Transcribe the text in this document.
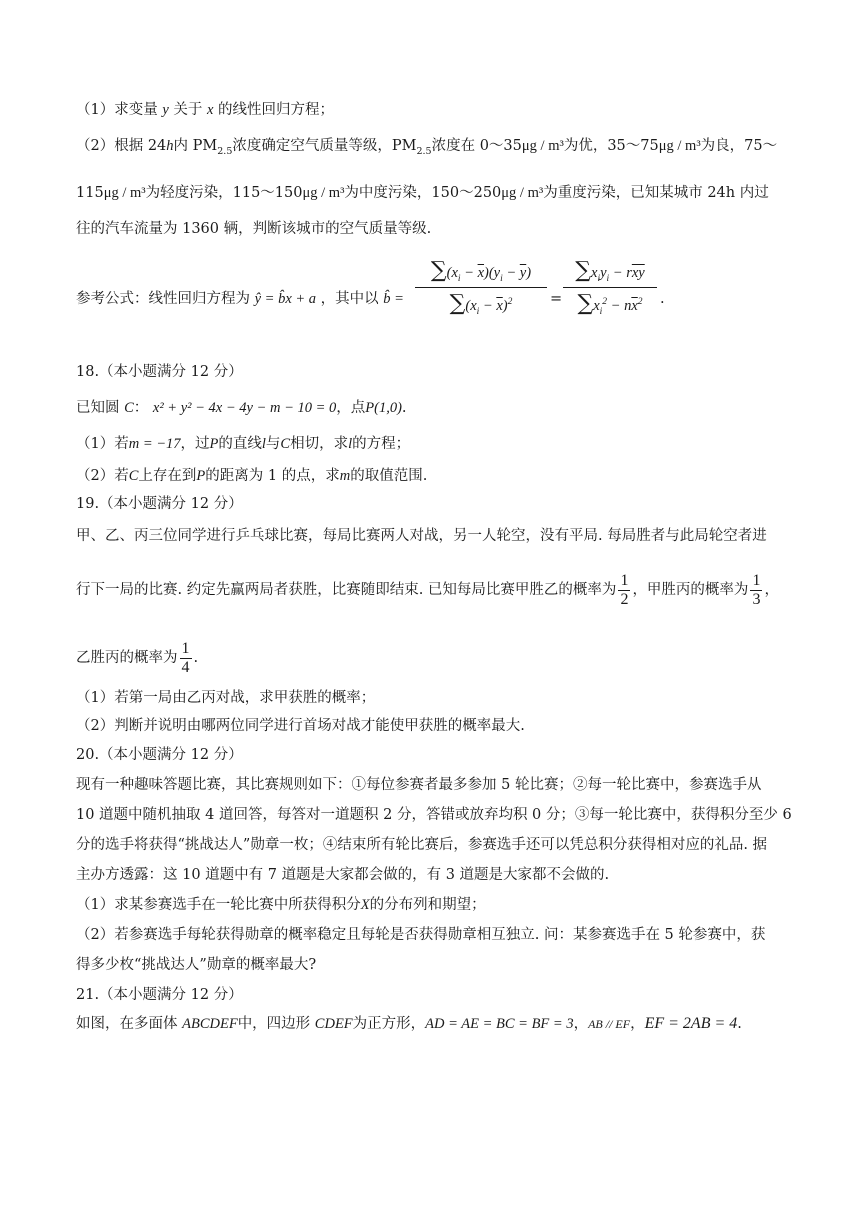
（1）求变量 y 关于 x 的线性回归方程；
（2）根据 24h内 $PM_{2.5}$浓度确定空气质量等级，$PM_{2.5}$浓度在 0～35μg / m³为优，35～75μg / m³为良，75～
115μg / m³为轻度污染，115～150μg / m³为中度污染，150～250μg / m³为重度污染，已知某城市 24h 内过
往的汽车流量为 1360 辆，判断该城市的空气质量等级.
参考公式：线性回归方程为 ŷ = b̂x + a ，其中以 b̂ =
$\sum(x_i - \overline{x})(y_i - \overline{y})$
$\sum(x_i - \overline{x})^2$	=
$\sum x_iy_i - r\overline{xy}$
$\sum x_i^2 - n\overline{x}^2$	.
18.（本小题满分 12 分）
已知圆 C： x² + y² − 4x − 4y − m − 10 = 0，点P(1,0).
（1）若m = −17，过P的直线l与C相切，求l的方程；
（2）若C上存在到P的距离为 1 的点，求m的取值范围.
19.（本小题满分 12 分）
甲、乙、丙三位同学进行乒乓球比赛，每局比赛两人对战，另一人轮空，没有平局. 每局胜者与此局轮空者进
行下一局的比赛. 约定先赢两局者获胜，比赛随即结束. 已知每局比赛甲胜乙的概率为 $\frac{1}{2}$ ，甲胜丙的概率为 $\frac{1}{3}$ ，
乙胜丙的概率为 $\frac{1}{4}$ .
（1）若第一局由乙丙对战，求甲获胜的概率；
（2）判断并说明由哪两位同学进行首场对战才能使甲获胜的概率最大.
20.（本小题满分 12 分）
现有一种趣味答题比赛，其比赛规则如下：①每位参赛者最多参加 5 轮比赛；②每一轮比赛中，参赛选手从
10 道题中随机抽取 4 道回答，每答对一道题积 2 分，答错或放弃均积 0 分；③每一轮比赛中，获得积分至少 6
分的选手将获得“挑战达人”勋章一枚；④结束所有轮比赛后，参赛选手还可以凭总积分获得相对应的礼品. 据
主办方透露：这 10 道题中有 7 道题是大家都会做的，有 3 道题是大家都不会做的.
（1）求某参赛选手在一轮比赛中所获得积分X的分布列和期望；
（2）若参赛选手每轮获得勋章的概率稳定且每轮是否获得勋章相互独立. 问：某参赛选手在 5 轮参赛中，获
得多少枚“挑战达人”勋章的概率最大?
21.（本小题满分 12 分）
如图，在多面体 ABCDEF中，四边形 CDEF为正方形，AD = AE = BC = BF = 3，AB // EF，EF = 2AB = 4.
